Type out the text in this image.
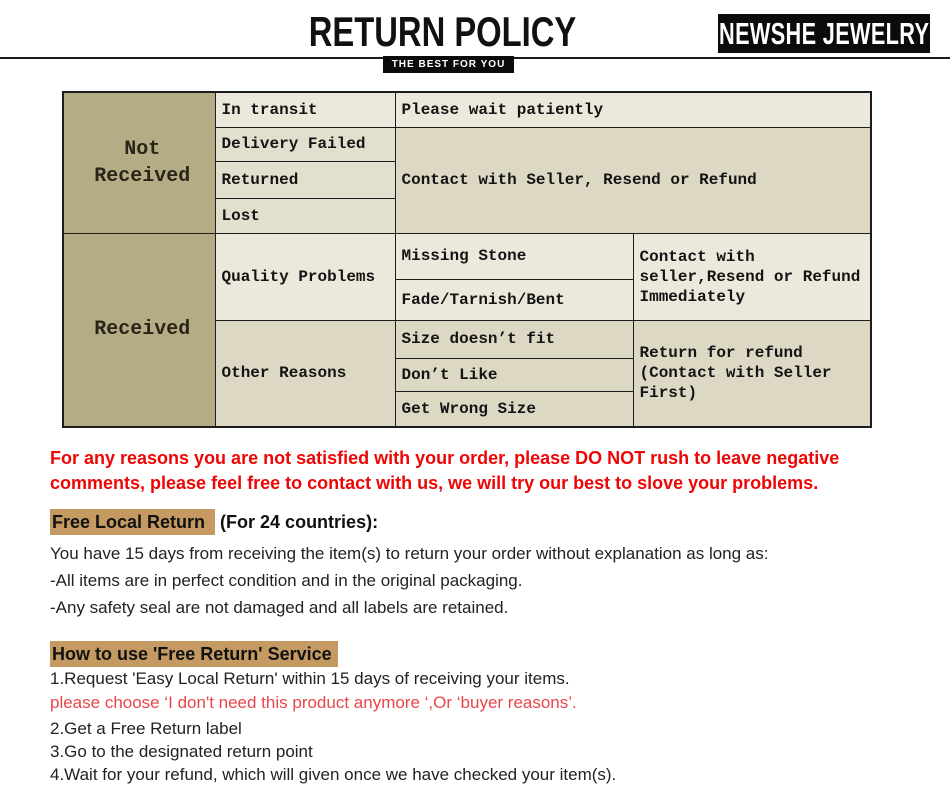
RETURN POLICY	NEWSHE JEWELRY
THE BEST FOR YOU
Not Received	In transit	Please wait patiently	
	Delivery Failed	Contact with Seller, Resend or Refund	
	Returned		
	Lost		
Received	Quality Problems	Missing Stone	Contact with seller,Resend or Refund Immediately
		Fade/Tarnish/Bent	
	Other Reasons	Size doesn’t fit	Return for refund (Contact with Seller First)
		Don’t Like	
		Get Wrong Size	
For any reasons you are not satisfied with your order, please DO NOT rush to leave negative comments, please feel free to contact with us, we will try our best to slove your problems.
Free Local Return (For 24 countries):
You have 15 days from receiving the item(s) to return your order without explanation as long as:
-All items are in perfect condition and in the original packaging.
-Any safety seal are not damaged and all labels are retained.
How to use 'Free Return' Service
1.Request 'Easy Local Return' within 15 days of receiving your items.
please choose ‘I don't need this product anymore ‘,Or ‘buyer reasons’.
2.Get a Free Return label
3.Go to the designated return point
4.Wait for your refund, which will given once we have checked your item(s).
